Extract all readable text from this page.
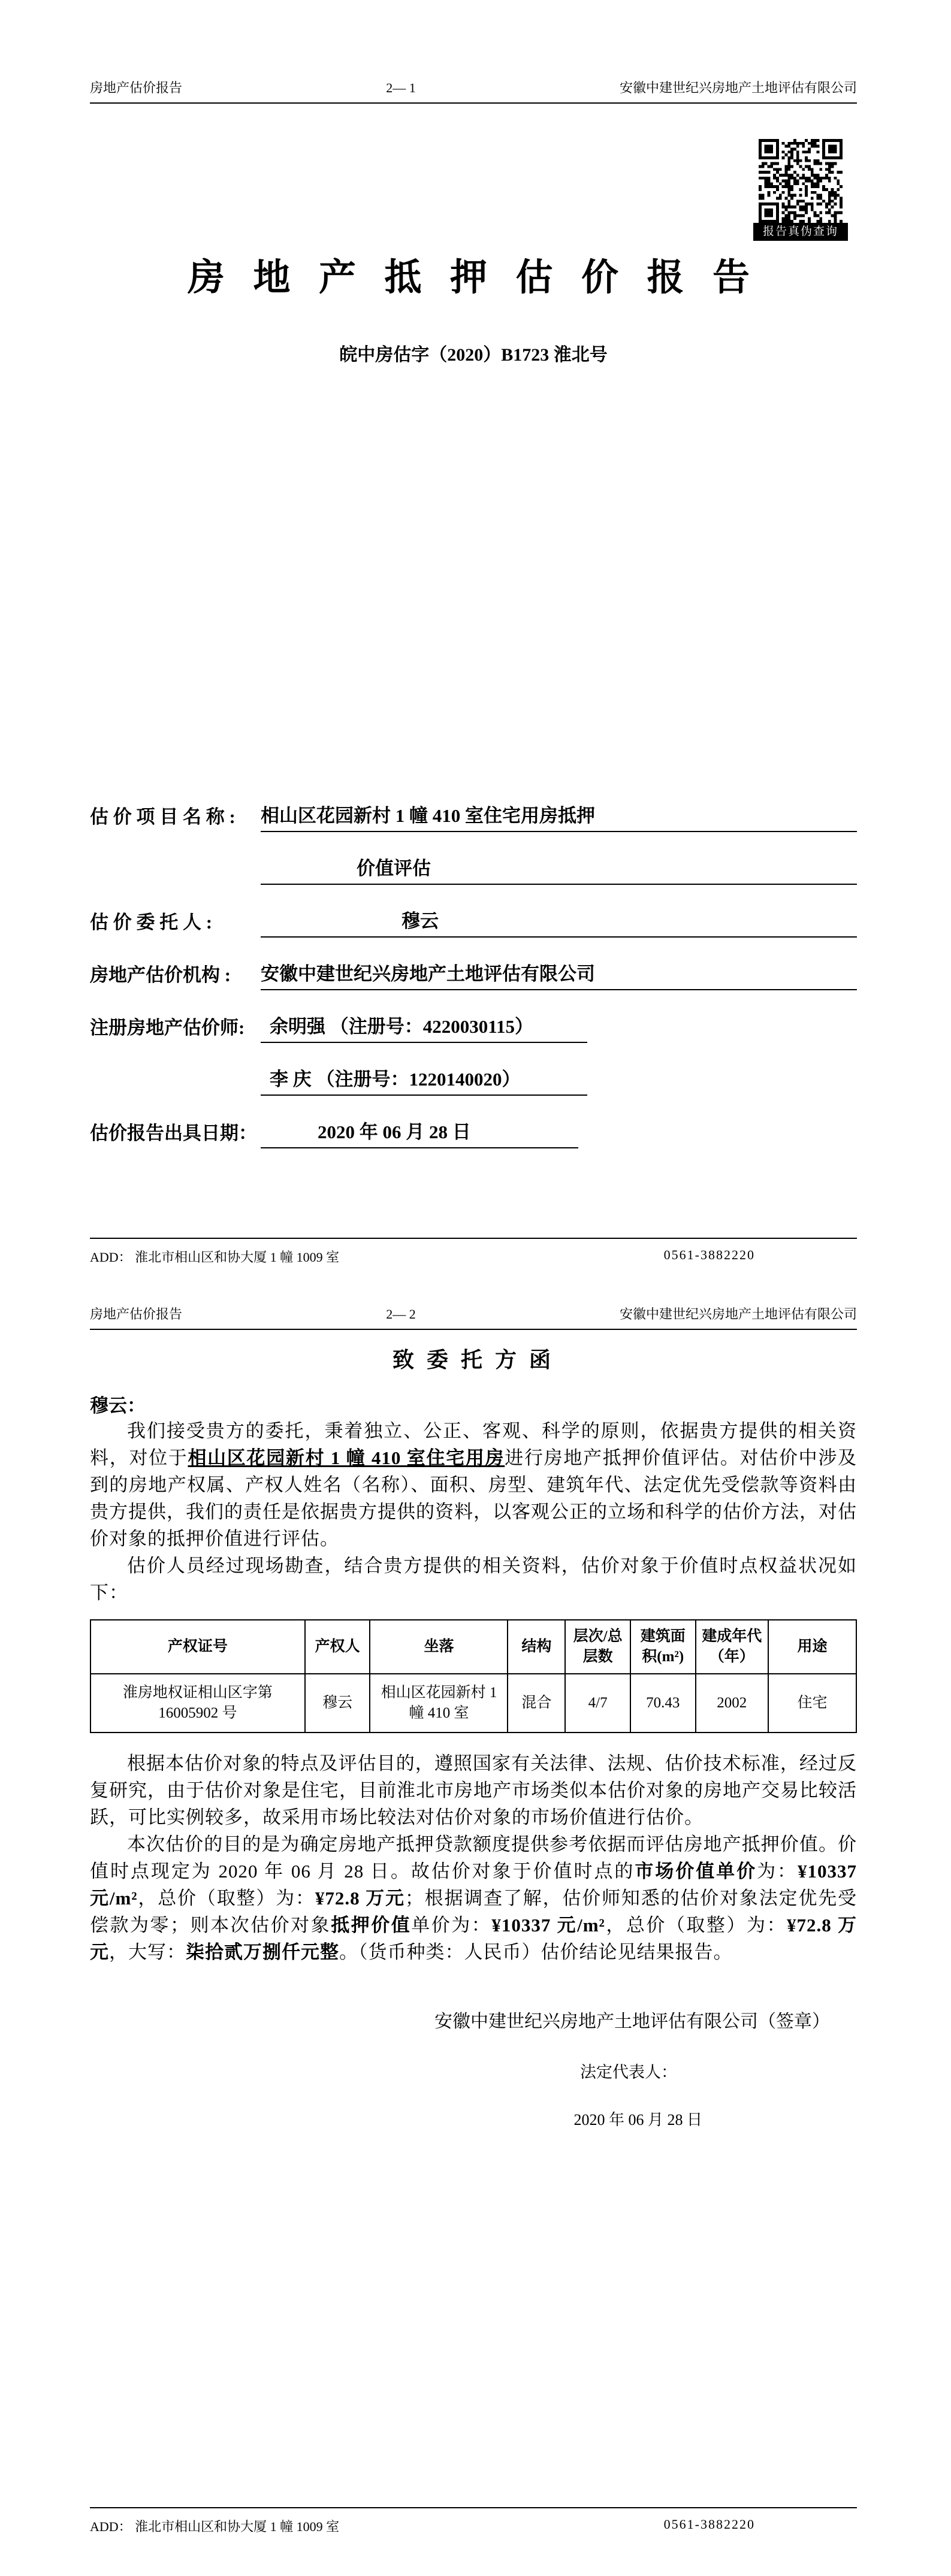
房地产估价报告	2— 1	安徽中建世纪兴房地产土地评估有限公司
报告真伪查询
房 地 产 抵 押 估 价 报 告
皖中房估字（2020）B1723 淮北号
估 价 项 目 名 称 :	相山区花园新村 1 幢 410 室住宅用房抵押
价值评估
估 价 委 托 人 :	穆云
房地产估价机构 :	安徽中建世纪兴房地产土地评估有限公司
注册房地产估价师:	余明强 （注册号：4220030115）
李 庆 （注册号：1220140020）
估价报告出具日期：	2020 年 06 月 28 日
ADD： 淮北市相山区和协大厦 1 幢 1009 室	0561-3882220
房地产估价报告	2— 2	安徽中建世纪兴房地产土地评估有限公司
致 委 托 方 函
穆云：

我们接受贵方的委托，秉着独立、公正、客观、科学的原则，依据贵方提供的相关资料，对位于相山区花园新村 1 幢 410 室住宅用房进行房地产抵押价值评估。对估价中涉及到的房地产权属、产权人姓名（名称）、面积、房型、建筑年代、法定优先受偿款等资料由贵方提供，我们的责任是依据贵方提供的资料，以客观公正的立场和科学的估价方法，对估价对象的抵押价值进行评估。

估价人员经过现场勘查，结合贵方提供的相关资料，估价对象于价值时点权益状况如下：

产权证号	产权人	坐落	结构	层次/总层数	建筑面积(m²)	建成年代（年）	用途
淮房地权证相山区字第 16005902 号	穆云	相山区花园新村 1 幢 410 室	混合	4/7	70.43	2002	住宅

根据本估价对象的特点及评估目的，遵照国家有关法律、法规、估价技术标准，经过反复研究，由于估价对象是住宅，目前淮北市房地产市场类似本估价对象的房地产交易比较活跃，可比实例较多，故采用市场比较法对估价对象的市场价值进行估价。

本次估价的目的是为确定房地产抵押贷款额度提供参考依据而评估房地产抵押价值。价值时点现定为 2020 年 06 月 28 日。故估价对象于价值时点的市场价值单价为：¥10337 元/m²，总价（取整）为：¥72.8 万元；根据调查了解，估价师知悉的估价对象法定优先受偿款为零；则本次估价对象抵押价值单价为：¥10337 元/m²，总价（取整）为：¥72.8 万元，大写：柒拾贰万捌仟元整。（货币种类：人民币）估价结论见结果报告。

安徽中建世纪兴房地产土地评估有限公司（签章）
法定代表人：
2020 年 06 月 28 日
ADD： 淮北市相山区和协大厦 1 幢 1009 室	0561-3882220
